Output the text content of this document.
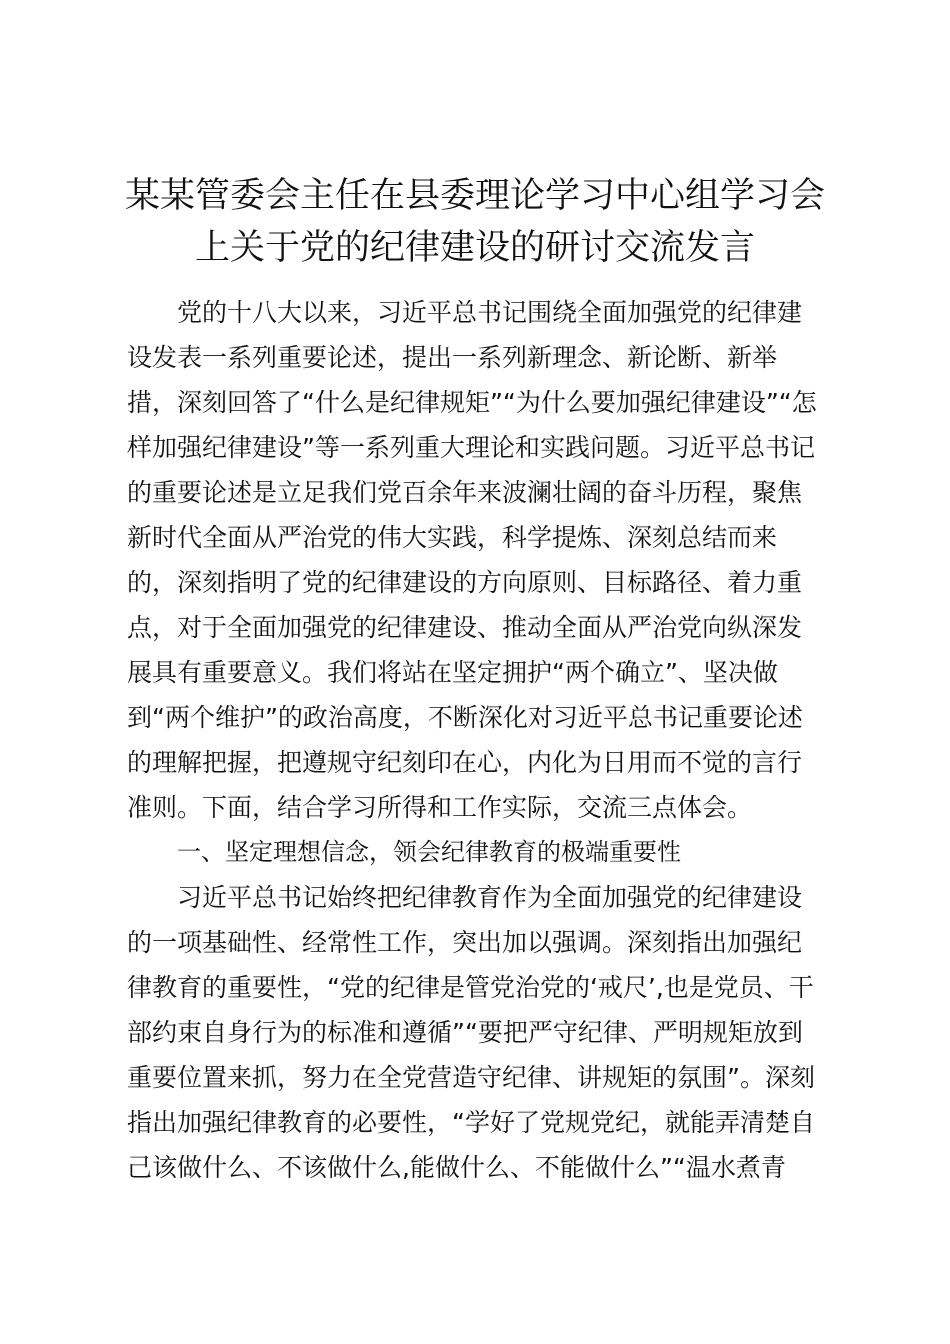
某某管委会主任在县委理论学习中心组学习会
上关于党的纪律建设的研讨交流发言
党的十八大以来，习近平总书记围绕全面加强党的纪律建
设发表一系列重要论述，提出一系列新理念、新论断、新举
措，深刻回答了“什么是纪律规矩”“为什么要加强纪律建设”“怎
样加强纪律建设”等一系列重大理论和实践问题。习近平总书记
的重要论述是立足我们党百余年来波澜壮阔的奋斗历程，聚焦
新时代全面从严治党的伟大实践，科学提炼、深刻总结而来
的，深刻指明了党的纪律建设的方向原则、目标路径、着力重
点，对于全面加强党的纪律建设、推动全面从严治党向纵深发
展具有重要意义。我们将站在坚定拥护“两个确立”、坚决做
到“两个维护”的政治高度，不断深化对习近平总书记重要论述
的理解把握，把遵规守纪刻印在心，内化为日用而不觉的言行
准则。下面，结合学习所得和工作实际，交流三点体会。
一、坚定理想信念，领会纪律教育的极端重要性
习近平总书记始终把纪律教育作为全面加强党的纪律建设
的一项基础性、经常性工作，突出加以强调。深刻指出加强纪
律教育的重要性，“党的纪律是管党治党的‘戒尺’,也是党员、干
部约束自身行为的标准和遵循”“要把严守纪律、严明规矩放到
重要位置来抓，努力在全党营造守纪律、讲规矩的氛围”。深刻
指出加强纪律教育的必要性，“学好了党规党纪，就能弄清楚自
己该做什么、不该做什么,能做什么、不能做什么”“温水煮青
